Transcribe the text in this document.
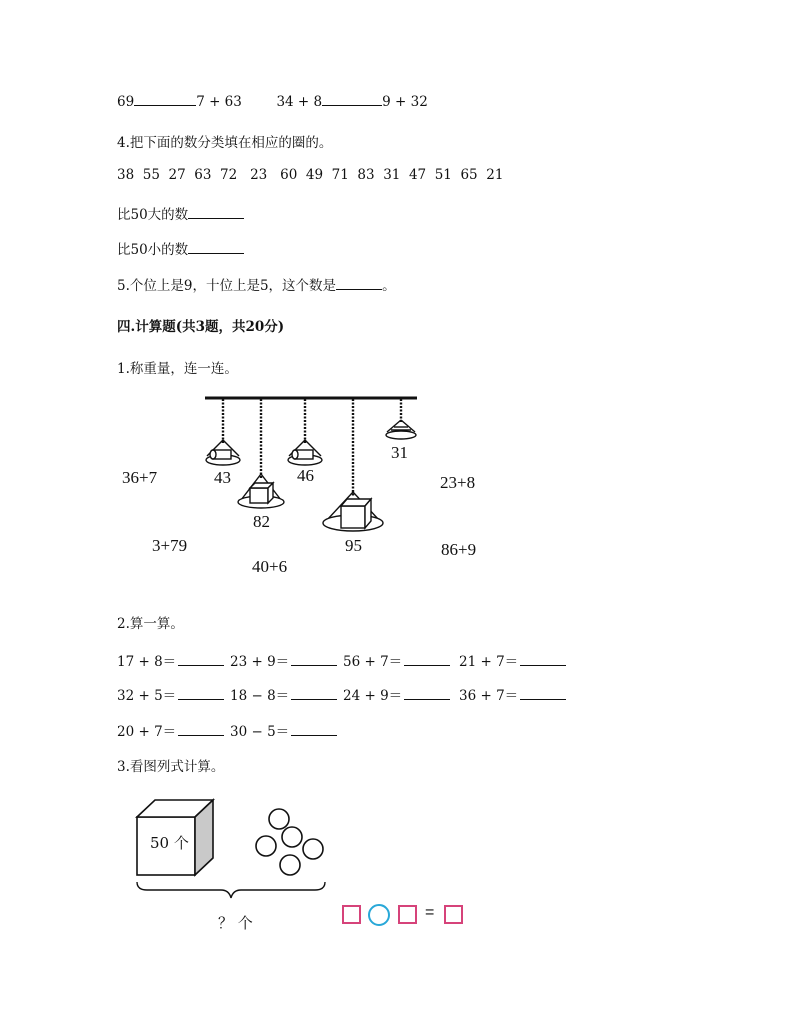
69	7 + 63	34 + 8	9 + 32
4.把下面的数分类填在相应的圈的。
38  55  27  63  72   23   60  49  71  83  31  47  51  65  21
比50大的数
比50小的数
5.个位上是9，十位上是5，这个数是	。
四.计算题(共3题，共20分)
1.称重量，连一连。
43
82
46
95
31
36+7
3+79
40+6
23+8
86+9
2.算一算。
17 + 8＝	23 + 9＝	56 + 7＝	21 + 7＝
32 + 5＝	18 − 8＝	24 + 9＝	36 + 7＝
20 + 7＝	30 − 5＝
3.看图列式计算。
50 个
？ 个
=
